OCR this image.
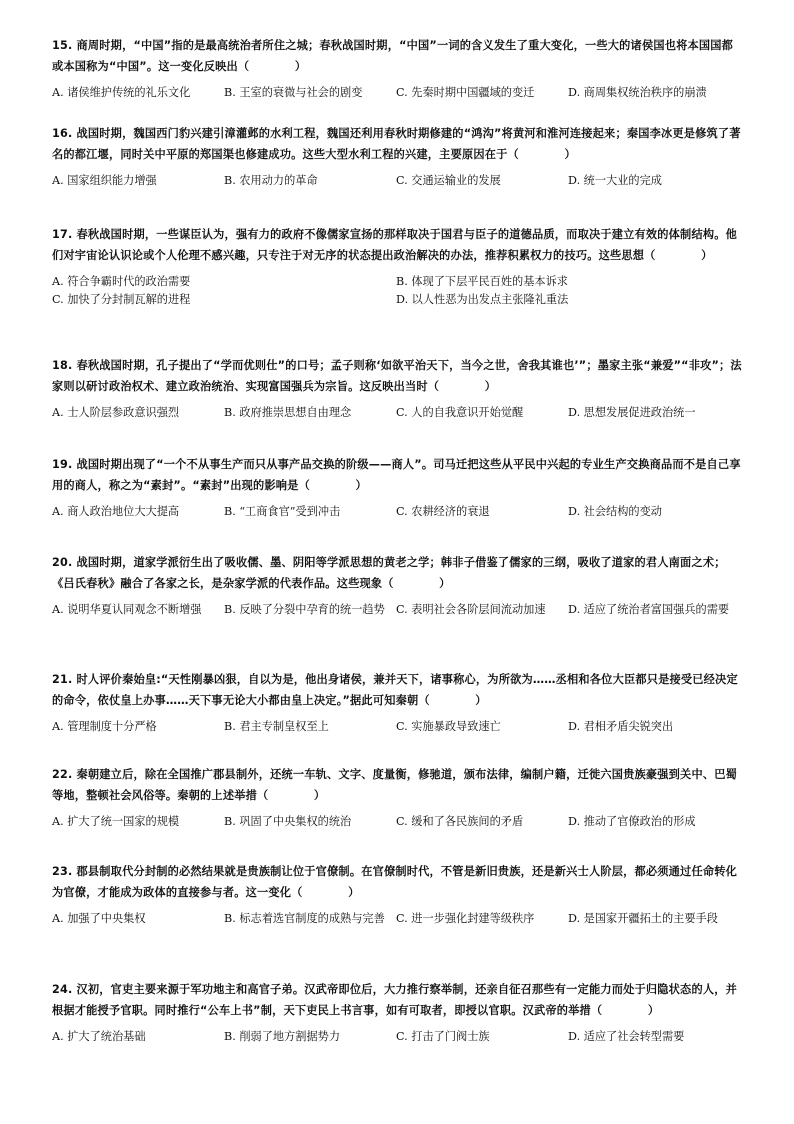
15. 商周时期，“中国”指的是最高统治者所住之城；春秋战国时期，“中国”一词的含义发生了重大变化，一些大的诸侯国也将本国国都或本国称为“中国”。这一变化反映出（　　　　）

A. 诸侯维护传统的礼乐文化	B. 王室的衰微与社会的剧变	C. 先秦时期中国疆域的变迁	D. 商周集权统治秩序的崩溃

16. 战国时期，魏国西门豹兴建引漳灌邺的水利工程，魏国还利用春秋时期修建的“鸿沟”将黄河和淮河连接起来；秦国李冰更是修筑了著名的都江堰，同时关中平原的郑国渠也修建成功。这些大型水利工程的兴建，主要原因在于（　　　　）

A. 国家组织能力增强	B. 农用动力的革命	C. 交通运输业的发展	D. 统一大业的完成

17. 春秋战国时期，一些谋臣认为，强有力的政府不像儒家宣扬的那样取决于国君与臣子的道德品质，而取决于建立有效的体制结构。他们对宇宙论认识论或个人伦理不感兴趣，只专注于对无序的状态提出政治解决的办法，推荐积累权力的技巧。这些思想（　　　　）

A. 符合争霸时代的政治需要	B. 体现了下层平民百姓的基本诉求
C. 加快了分封制瓦解的进程	D. 以人性恶为出发点主张隆礼重法

18. 春秋战国时期，孔子提出了“学而优则仕”的口号；孟子则称‘如欲平治天下，当今之世，舍我其谁也’”；墨家主张“兼爱”“非攻”；法家则以研讨政治权术、建立政治统治、实现富国强兵为宗旨。这反映出当时（　　　　）

A. 士人阶层参政意识强烈	B. 政府推崇思想自由理念	C. 人的自我意识开始觉醒	D. 思想发展促进政治统一

19. 战国时期出现了“一个不从事生产而只从事产品交换的阶级——商人”。司马迁把这些从平民中兴起的专业生产交换商品而不是自己享用的商人，称之为“素封”。“素封”出现的影响是（　　　　）

A. 商人政治地位大大提高	B. “工商食官”受到冲击	C. 农耕经济的衰退	D. 社会结构的变动

20. 战国时期，道家学派衍生出了吸收儒、墨、阴阳等学派思想的黄老之学；韩非子借鉴了儒家的三纲，吸收了道家的君人南面之术；《吕氏春秋》融合了各家之长，是杂家学派的代表作品。这些现象（　　　　）

A. 说明华夏认同观念不断增强	B. 反映了分裂中孕育的统一趋势	C. 表明社会各阶层间流动加速	D. 适应了统治者富国强兵的需要

21. 时人评价秦始皇:“天性刚暴凶狠，自以为是，他出身诸侯，兼并天下，诸事称心，为所欲为……丞相和各位大臣都只是接受已经决定的命令，依仗皇上办事……天下事无论大小都由皇上决定。”据此可知秦朝（　　　　）

A. 管理制度十分严格	B. 君主专制皇权至上	C. 实施暴政导致速亡	D. 君相矛盾尖锐突出

22. 秦朝建立后，除在全国推广郡县制外，还统一车轨、文字、度量衡，修驰道，颁布法律，编制户籍，迁徙六国贵族豪强到关中、巴蜀等地，整顿社会风俗等。秦朝的上述举措（　　　　）

A. 扩大了统一国家的规模	B. 巩固了中央集权的统治	C. 缓和了各民族间的矛盾	D. 推动了官僚政治的形成

23. 郡县制取代分封制的必然结果就是贵族制让位于官僚制。在官僚制时代，不管是新旧贵族，还是新兴士人阶层，都必须通过任命转化为官僚，才能成为政体的直接参与者。这一变化（　　　　）

A. 加强了中央集权	B. 标志着选官制度的成熟与完善	C. 进一步强化封建等级秩序	D. 是国家开疆拓土的主要手段

24. 汉初，官吏主要来源于军功地主和高官子弟。汉武帝即位后，大力推行察举制，还亲自征召那些有一定能力而处于归隐状态的人，并根据才能授予官职。同时推行“公车上书”制，天下吏民上书言事，如有可取者，即授以官职。汉武帝的举措（　　　　）

A. 扩大了统治基础	B. 削弱了地方割据势力	C. 打击了门阀士族	D. 适应了社会转型需要
